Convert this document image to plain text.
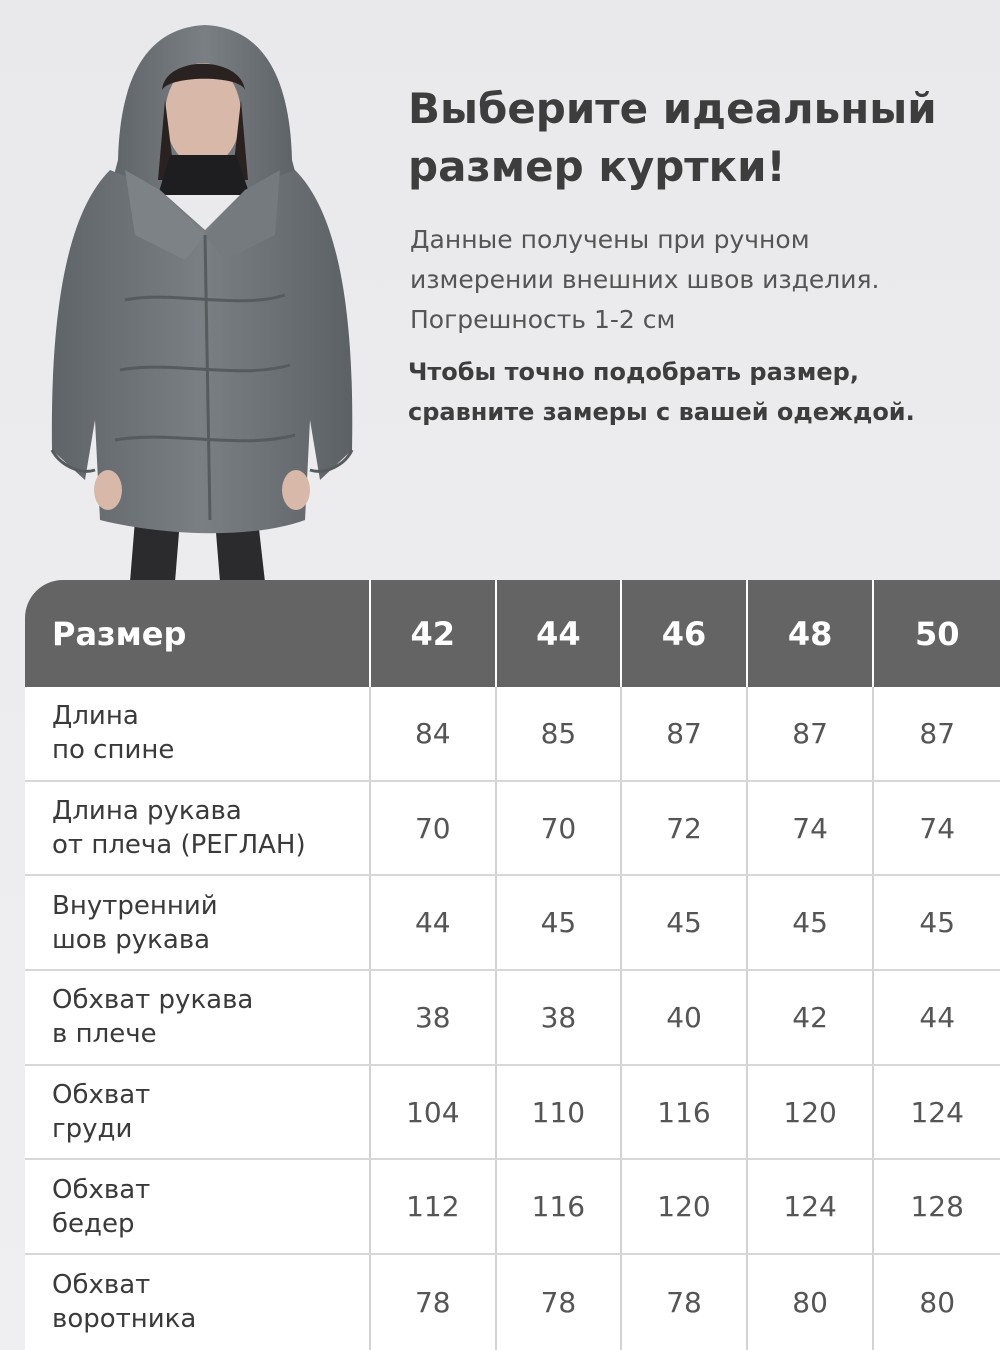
Выберите идеальный
размер куртки!
Данные получены при ручном
измерении внешних швов изделия.
Погрешность 1-2 см
Чтобы точно подобрать размер,
сравните замеры с вашей одеждой.
Размер	42	44	46	48	50
Длина
по спине
84	85	87	87	87
Длина рукава
от плеча (РЕГЛАН)
70	70	72	74	74
Внутренний
шов рукава
44	45	45	45	45
Обхват рукава
в плече
38	38	40	42	44
Обхват
груди
104	110	116	120	124
Обхват
бедер
112	116	120	124	128
Обхват
воротника
78	78	78	80	80
